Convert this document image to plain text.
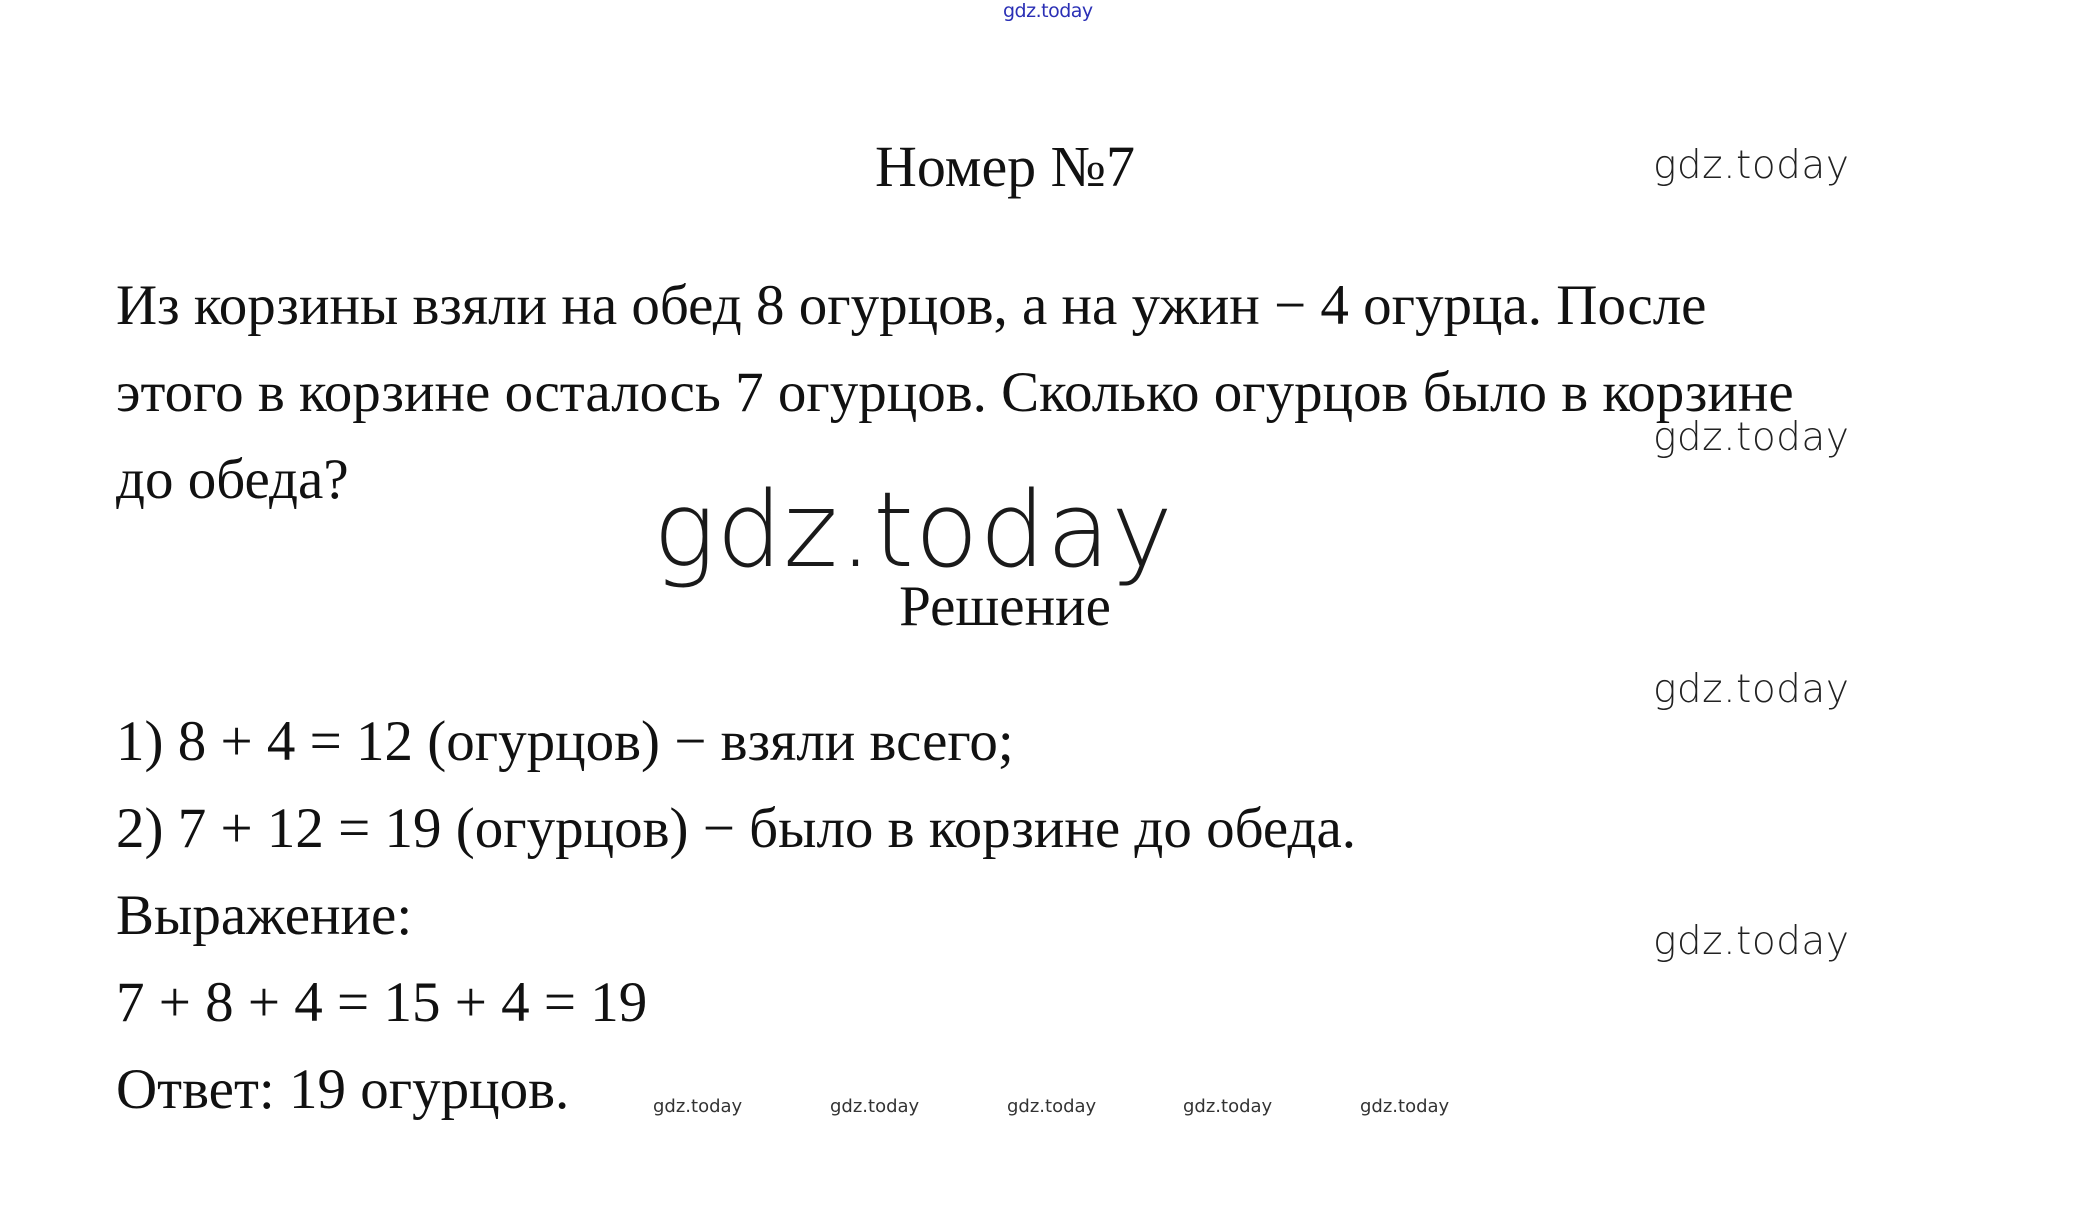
gdz.today
gdz.today
gdz.today
gdz.today
gdz.today
gdz.today
gdz.today	gdz.today	gdz.today	gdz.today	gdz.today
Номер №7
Из корзины взяли на обед 8 огурцов, а на ужин − 4 огурца. После
этого в корзине осталось 7 огурцов. Сколько огурцов было в корзине
до обеда?
Решение
1) 8 + 4 = 12 (огурцов) − взяли всего;
2) 7 + 12 = 19 (огурцов) − было в корзине до обеда.
Выражение:
7 + 8 + 4 = 15 + 4 = 19
Ответ: 19 огурцов.
